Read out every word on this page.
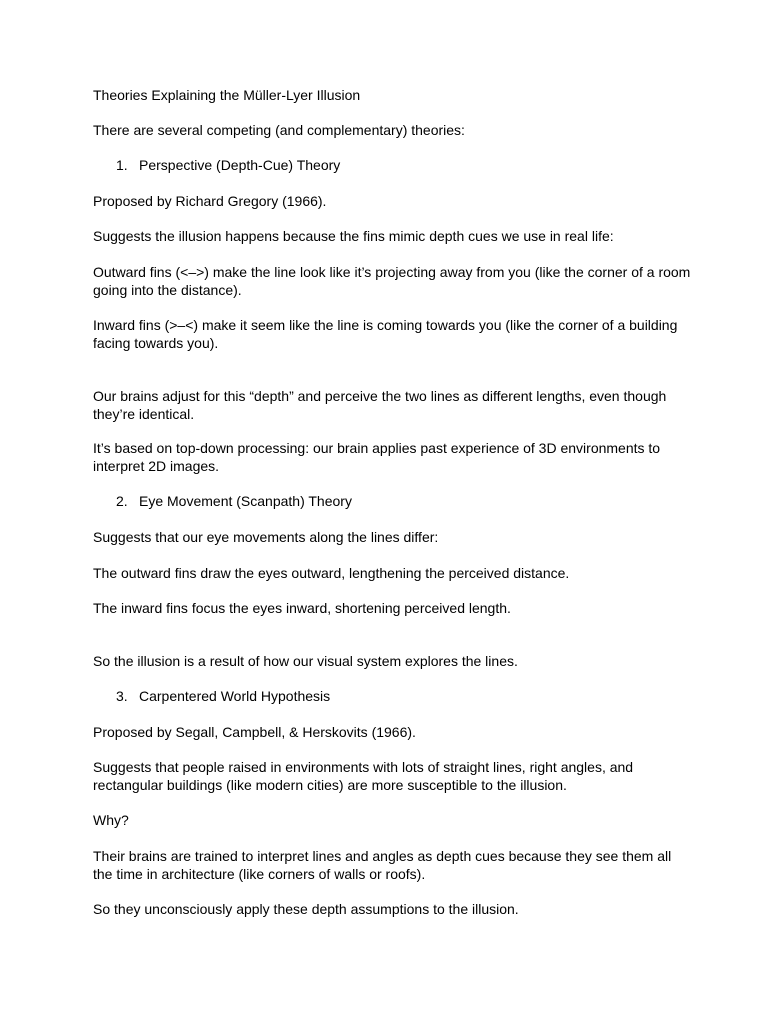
Theories Explaining the Müller-Lyer Illusion

There are several competing (and complementary) theories:

1. Perspective (Depth-Cue) Theory

Proposed by Richard Gregory (1966).

Suggests the illusion happens because the fins mimic depth cues we use in real life:

Outward fins (<–>) make the line look like it’s projecting away from you (like the corner of a room going into the distance).

Inward fins (>–<) make it seem like the line is coming towards you (like the corner of a building facing towards you).

Our brains adjust for this “depth” and perceive the two lines as different lengths, even though they’re identical.

It’s based on top-down processing: our brain applies past experience of 3D environments to interpret 2D images.

2. Eye Movement (Scanpath) Theory

Suggests that our eye movements along the lines differ:

The outward fins draw the eyes outward, lengthening the perceived distance.

The inward fins focus the eyes inward, shortening perceived length.

So the illusion is a result of how our visual system explores the lines.

3. Carpentered World Hypothesis

Proposed by Segall, Campbell, & Herskovits (1966).

Suggests that people raised in environments with lots of straight lines, right angles, and rectangular buildings (like modern cities) are more susceptible to the illusion.

Why?

Their brains are trained to interpret lines and angles as depth cues because they see them all the time in architecture (like corners of walls or roofs).

So they unconsciously apply these depth assumptions to the illusion.
